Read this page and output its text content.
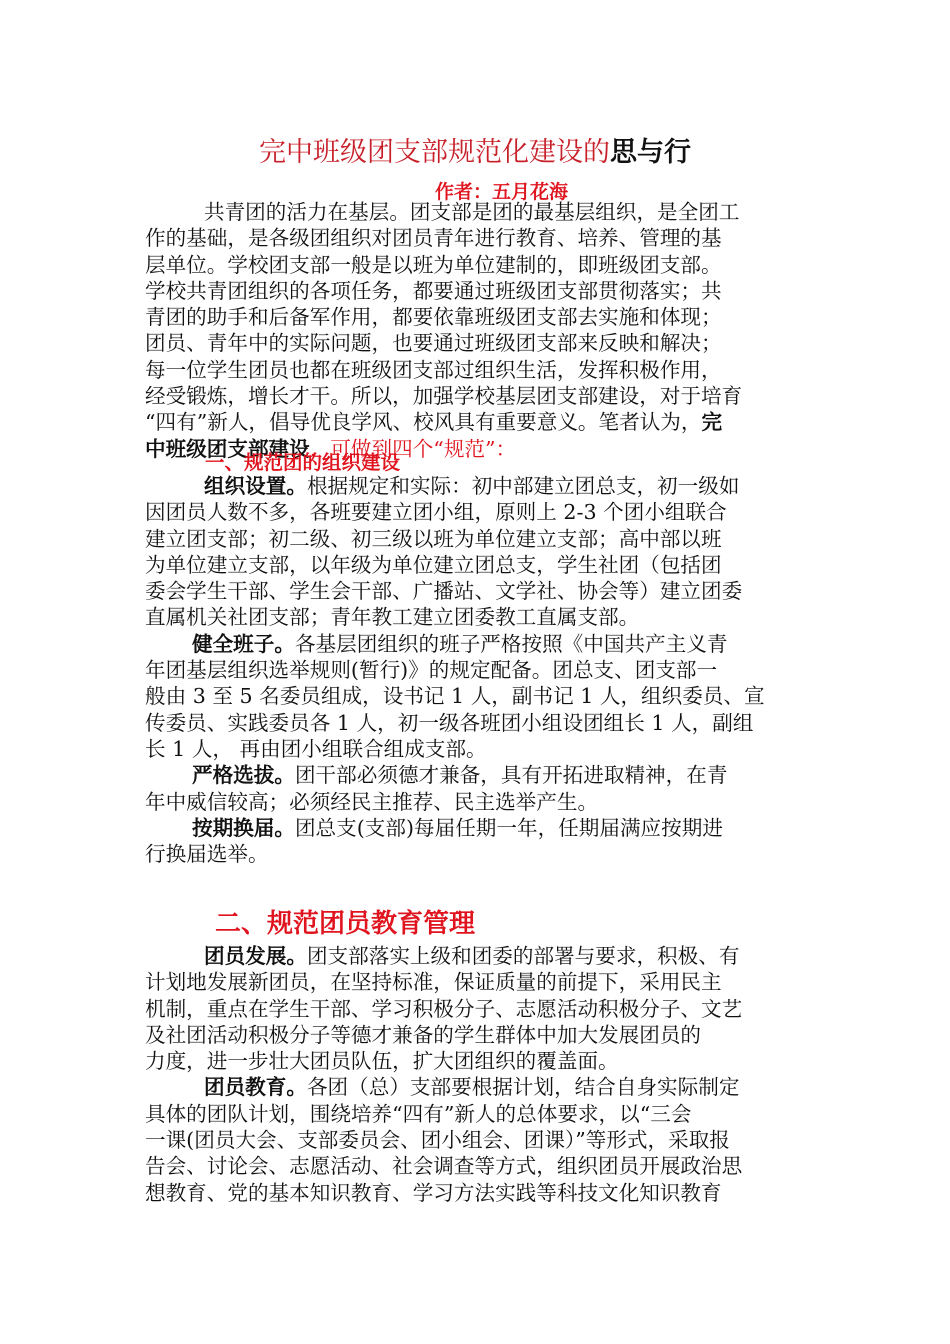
完中班级团支部规范化建设的思与行
作者：五月花海
共青团的活力在基层。团支部是团的最基层组织，是全团工
作的基础，是各级团组织对团员青年进行教育、培养、管理的基
层单位。学校团支部一般是以班为单位建制的，即班级团支部。
学校共青团组织的各项任务，都要通过班级团支部贯彻落实；共
青团的助手和后备军作用，都要依靠班级团支部去实施和体现；
团员、青年中的实际问题，也要通过班级团支部来反映和解决；
每一位学生团员也都在班级团支部过组织生活，发挥积极作用，
经受锻炼，增长才干。所以，加强学校基层团支部建设，对于培育
“四有”新人，倡导优良学风、校风具有重要意义。笔者认为，完
中班级团支部建设，可做到四个“规范”：
一、规范团的组织建设
组织设置。根据规定和实际：初中部建立团总支，初一级如
因团员人数不多，各班要建立团小组，原则上 2-3 个团小组联合
建立团支部；初二级、初三级以班为单位建立支部；高中部以班
为单位建立支部，以年级为单位建立团总支，学生社团（包括团
委会学生干部、学生会干部、广播站、文学社、协会等）建立团委
直属机关社团支部；青年教工建立团委教工直属支部。
健全班子。各基层团组织的班子严格按照《中国共产主义青
年团基层组织选举规则(暂行)》的规定配备。团总支、团支部一
般由 3 至 5 名委员组成，设书记 1 人，副书记 1 人，组织委员、宣
传委员、实践委员各 1 人，初一级各班团小组设团组长 1 人，副组
长 1 人， 再由团小组联合组成支部。
严格选拔。团干部必须德才兼备，具有开拓进取精神，在青
年中威信较高；必须经民主推荐、民主选举产生。
按期换届。团总支(支部)每届任期一年，任期届满应按期进
行换届选举。
二、规范团员教育管理
团员发展。团支部落实上级和团委的部署与要求，积极、有
计划地发展新团员，在坚持标准，保证质量的前提下，采用民主
机制，重点在学生干部、学习积极分子、志愿活动积极分子、文艺
及社团活动积极分子等德才兼备的学生群体中加大发展团员的
力度，进一步壮大团员队伍，扩大团组织的覆盖面。
团员教育。各团（总）支部要根据计划，结合自身实际制定
具体的团队计划，围绕培养“四有”新人的总体要求，以“三会
一课(团员大会、支部委员会、团小组会、团课）”等形式，采取报
告会、讨论会、志愿活动、社会调查等方式，组织团员开展政治思
想教育、党的基本知识教育、学习方法实践等科技文化知识教育
